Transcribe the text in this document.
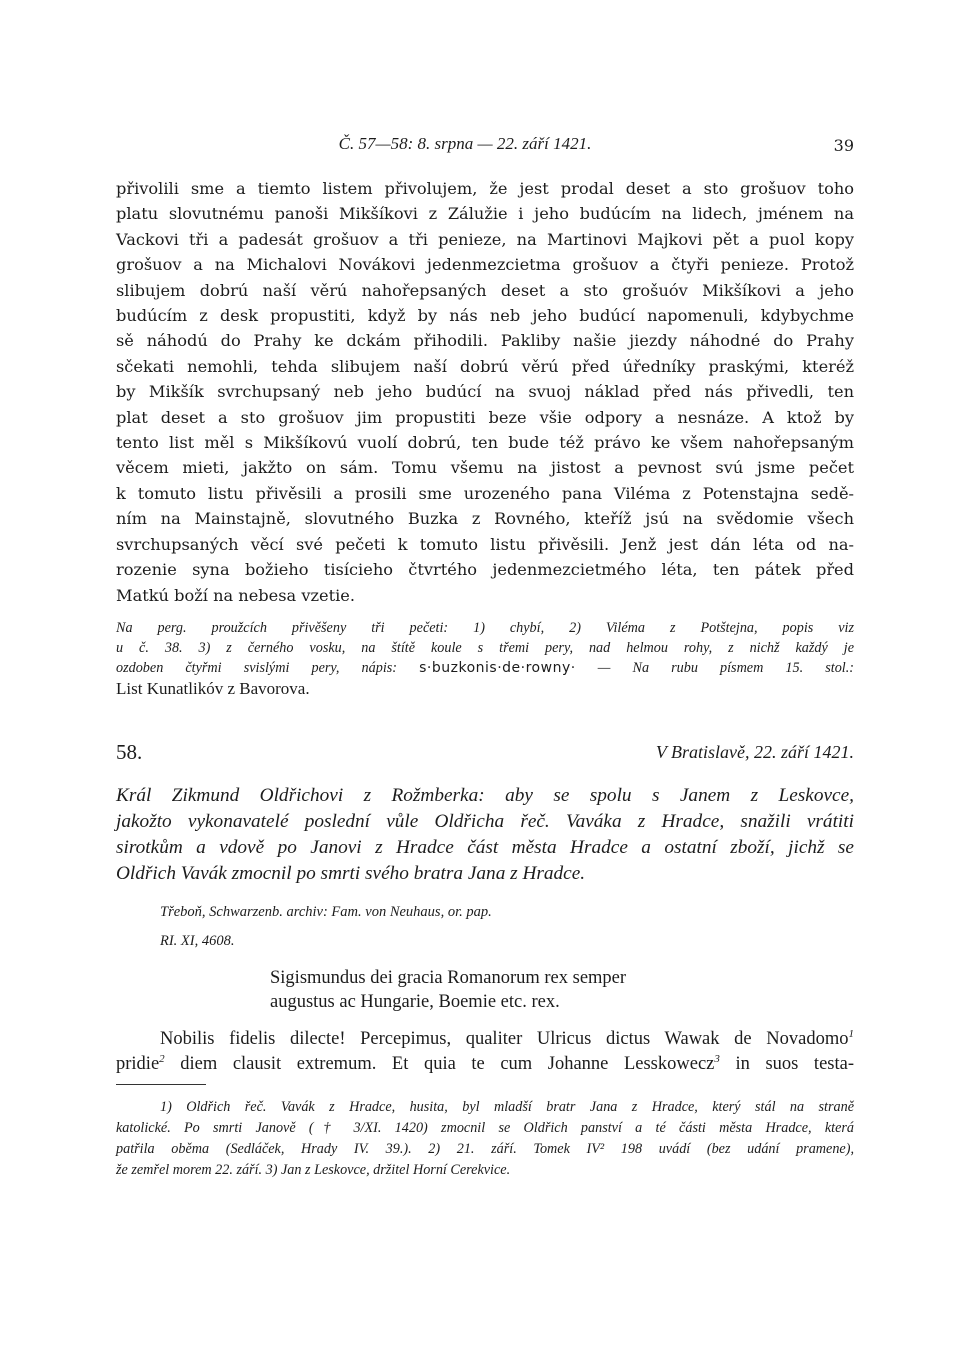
Č. 57—58: 8. srpna — 22. září 1421.	39
přivolili sme a tiemto listem přivolujem, že jest prodal deset a sto grošuov toho
platu slovutnému panoši Mikšíkovi z Zálužie i jeho budúcím na lidech, jménem na
Vackovi tři a padesát grošuov a tři penieze, na Martinovi Majkovi pět a puol kopy
grošuov a na Michalovi Novákovi jedenmezcietma grošuov a čtyři penieze. Protož
slibujem dobrú naší věrú nahořepsaných deset a sto grošuóv Mikšíkovi a jeho
budúcím z desk propustiti, když by nás neb jeho budúcí napomenuli, kdybychme
sě náhodú do Prahy ke dckám přihodili. Pakliby našie jiezdy náhodné do Prahy
sčekati nemohli, tehda slibujem naší dobrú věrú před úředníky praskými, kteréž
by Mikšík svrchupsaný neb jeho budúcí na svuoj náklad před nás přivedli, ten
plat deset a sto grošuov jim propustiti beze všie odpory a nesnáze. A ktož by
tento list měl s Mikšíkovú vuolí dobrú, ten bude též právo ke všem nahořepsaným
věcem mieti, jakžto on sám. Tomu všemu na jistost a pevnost svú jsme pečet
k tomuto listu přivěsili a prosili sme urozeného pana Viléma z Potenstajna sedě-
ním na Mainstajně, slovutného Buzka z Rovného, kteříž jsú na svědomie všech
svrchupsaných věcí své pečeti k tomuto listu přivěsili. Jenž jest dán léta od na-
rozenie syna božieho tisícieho čtvrtého jedenmezcietmého léta, ten pátek před
Matkú boží na nebesa vzetie.
Na perg. proužcích přivěšeny tři pečeti: 1) chybí, 2) Viléma z Potštejna, popis viz
u č. 38. 3) z černého vosku, na štítě koule s třemi pery, nad helmou rohy, z nichž každý je
ozdoben čtyřmi svislými pery, nápis: s·buzkonis·de·rowny· — Na rubu písmem 15. stol.:
List Kunatlikóv z Bavorova.
58.	V Bratislavě, 22. září 1421.
Král Zikmund Oldřichovi z Rožmberka: aby se spolu s Janem z Leskovce,
jakožto vykonavatelé poslední vůle Oldřicha řeč. Vaváka z Hradce, snažili vrátiti
sirotkům a vdově po Janovi z Hradce část města Hradce a ostatní zboží, jichž se
Oldřich Vavák zmocnil po smrti svého bratra Jana z Hradce.
Třeboň, Schwarzenb. archiv: Fam. von Neuhaus, or. pap.
RI. XI, 4608.
Sigismundus dei gracia Romanorum rex semper
augustus ac Hungarie, Boemie etc. rex.
Nobilis fidelis dilecte! Percepimus, qualiter Ulricus dictus Wawak de Novadomo$^1$
pridie$^2$ diem clausit extremum. Et quia te cum Johanne Lesskowecz$^3$ in suos testa-
1) Oldřich řeč. Vavák z Hradce, husita, byl mladší bratr Jana z Hradce, který stál na straně
katolické. Po smrti Janově († 3/XI. 1420) zmocnil se Oldřich panství a té části města Hradce, která
patřila oběma (Sedláček, Hrady IV. 39.). 2) 21. září. Tomek IV² 198 uvádí (bez udání pramene),
že zemřel morem 22. září. 3) Jan z Leskovce, držitel Horní Cerekvice.
